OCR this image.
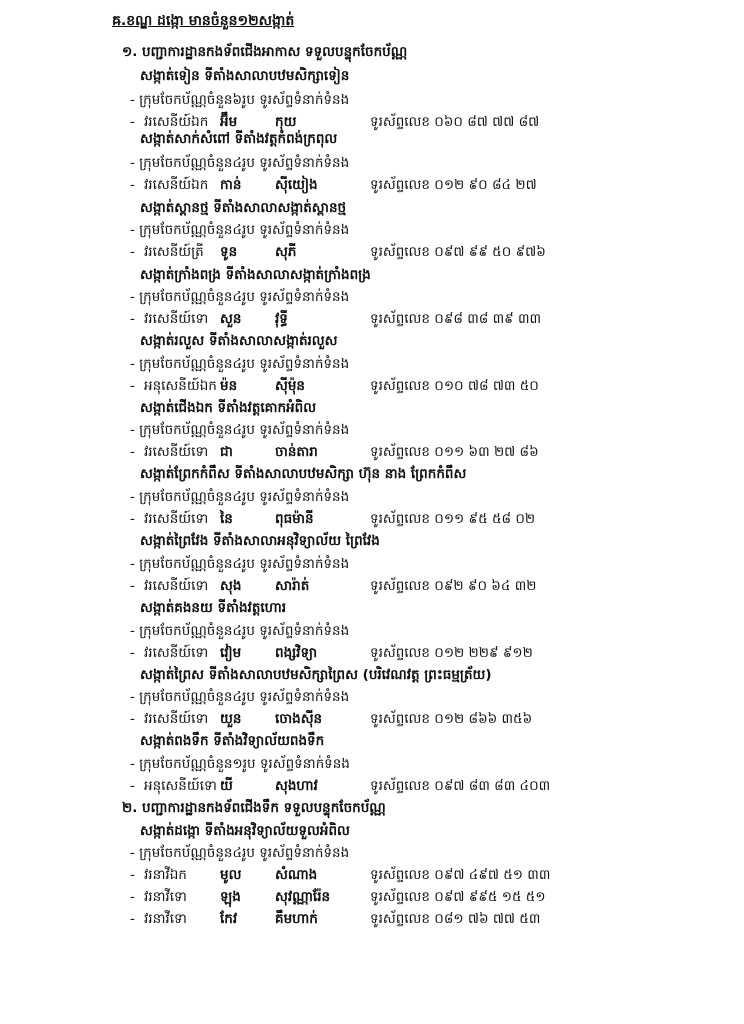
ឝ.ខណ្ឌ ដង្កោ មានចំនួន១២សង្កាត់
១. បញ្ជាការដ្ឋានកងទ័ពជើងអាកាស ទទួលបន្ទុកចែកប័ណ្ណ
សង្កាត់ទៀន ទីតាំងសាលាបឋមសិក្សាទៀន
- ក្រុមចែកប័ណ្ណចំនួន៦រូប ទូរស័ព្ទទំនាក់ទំនង
- វរសេនីយ៍ឯក អ៊ឹម	កុយ	ទូរស័ព្ទលេខ ០៦០ ៨៧ ៧៧ ៨៧
សង្កាត់សាក់សំពៅ ទីតាំងវត្តកំពង់ក្រពុល
- ក្រុមចែកប័ណ្ណចំនួន៤រូប ទូរស័ព្ទទំនាក់ទំនង
- វរសេនីយ៍ឯក កាន់ ស៊ីយៀង	ទូរស័ព្ទលេខ ០១២ ៩០ ៨៤ ២៧
សង្កាត់ស្ពានថ្ម ទីតាំងសាលាសង្កាត់ស្ពានថ្ម
- ក្រុមចែកប័ណ្ណចំនួន៤រូប ទូរស័ព្ទទំនាក់ទំនង
- វរសេនីយ៍ត្រី ទូន	សុភី	ទូរស័ព្ទលេខ ០៩៧ ៩៩ ៥០ ៩៧៦
សង្កាត់ក្រាំងពង្រ ទីតាំងសាលាសង្កាត់ក្រាំងពង្រ
- ក្រុមចែកប័ណ្ណចំនួន៤រូប ទូរស័ព្ទទំនាក់ទំនង
- វរសេនីយ៍ទោ សួន វុទ្ធី	ទូរស័ព្ទលេខ ០៩៨ ៣៨ ៣៩ ៣៣
សង្កាត់រលួស ទីតាំងសាលាសង្កាត់រលួស
- ក្រុមចែកប័ណ្ណចំនួន៤រូប ទូរស័ព្ទទំនាក់ទំនង
- អនុសេនីយ៍ឯក ម៉ន	ស៊ីម៉ុន	ទូរស័ព្ទលេខ ០១០ ៧៨ ៧៣ ៥០
សង្កាត់ជើងឯក ទីតាំងវត្តគោកអំពិល
- ក្រុមចែកប័ណ្ណចំនួន៤រូប ទូរស័ព្ទទំនាក់ទំនង
- វរសេនីយ៍ទោ ជា	ចាន់តារា	ទូរស័ព្ទលេខ ០១១ ៦៣ ២៧ ៨៦
សង្កាត់ព្រែកកំពឹស ទីតាំងសាលាបឋមសិក្សា ហ៊ុន នាង ព្រែកកំពឹស
- ក្រុមចែកប័ណ្ណចំនួន៤រូប ទូរស័ព្ទទំនាក់ទំនង
- វរសេនីយ៍ទោ នៃ	ពុធម៉ានី	ទូរស័ព្ទលេខ ០១១ ៩៥ ៥៨ ០២
សង្កាត់ព្រៃវែង ទីតាំងសាលាអនុវិទ្យាល័យ ព្រៃវែង
- ក្រុមចែកប័ណ្ណចំនួន៤រូប ទូរស័ព្ទទំនាក់ទំនង
- វរសេនីយ៍ទោ សុង សារ៉ាត់	ទូរស័ព្ទលេខ ០៩២ ៩០ ៦៤ ៣២
សង្កាត់គងនយ ទីតាំងវត្តហោរ
- ក្រុមចែកប័ណ្ណចំនួន៤រូប ទូរស័ព្ទទំនាក់ទំនង
- វរសេនីយ៍ទោ វៀម	ពង្សវិទ្យា	ទូរស័ព្ទលេខ ០១២ ២២៩ ៩១២
សង្កាត់ព្រៃស ទីតាំងសាលាបឋមសិក្សាព្រៃស (បរិវេណវត្ត ព្រះធម្មត្រ័យ)
- ក្រុមចែកប័ណ្ណចំនួន៤រូប ទូរស័ព្ទទំនាក់ទំនង
- វរសេនីយ៍ទោ យួន ចោងស៊ីន	ទូរស័ព្ទលេខ ០១២ ៨៦៦ ៣៥៦
សង្កាត់ពងទឹក ទីតាំងវិទ្យាល័យពងទឹក
- ក្រុមចែកប័ណ្ណចំនួន១រូប ទូរស័ព្ទទំនាក់ទំនង
- អនុសេនីយ៍ទោ យី	សុងហាវ	ទូរស័ព្ទលេខ ០៩៧ ៨៣ ៨៣ ៤០៣
២. បញ្ជាការដ្ឋានកងទ័ពជើងទឹក ទទួលបន្ទុកចែកប័ណ្ណ
សង្កាត់ដង្កោ ទីតាំងអនុវិទ្យាល័យទួលអំពិល
- ក្រុមចែកប័ណ្ណចំនួន៤រូប ទូរស័ព្ទទំនាក់ទំនង
- វរនាវីឯក មូល សំណាង	ទូរស័ព្ទលេខ ០៩៧ ៤៩៧ ៥១ ៣៣
- វរនាវីទោ ឡុង	សុវណ្ណារ៉ែន	ទូរស័ព្ទលេខ ០៩៧ ៩៩៥ ១៥ ៥១
- វរនាវីទោ កែវ	គឹមហាក់	ទូរស័ព្ទលេខ ០៨១ ៧៦ ៧៧ ៥៣
